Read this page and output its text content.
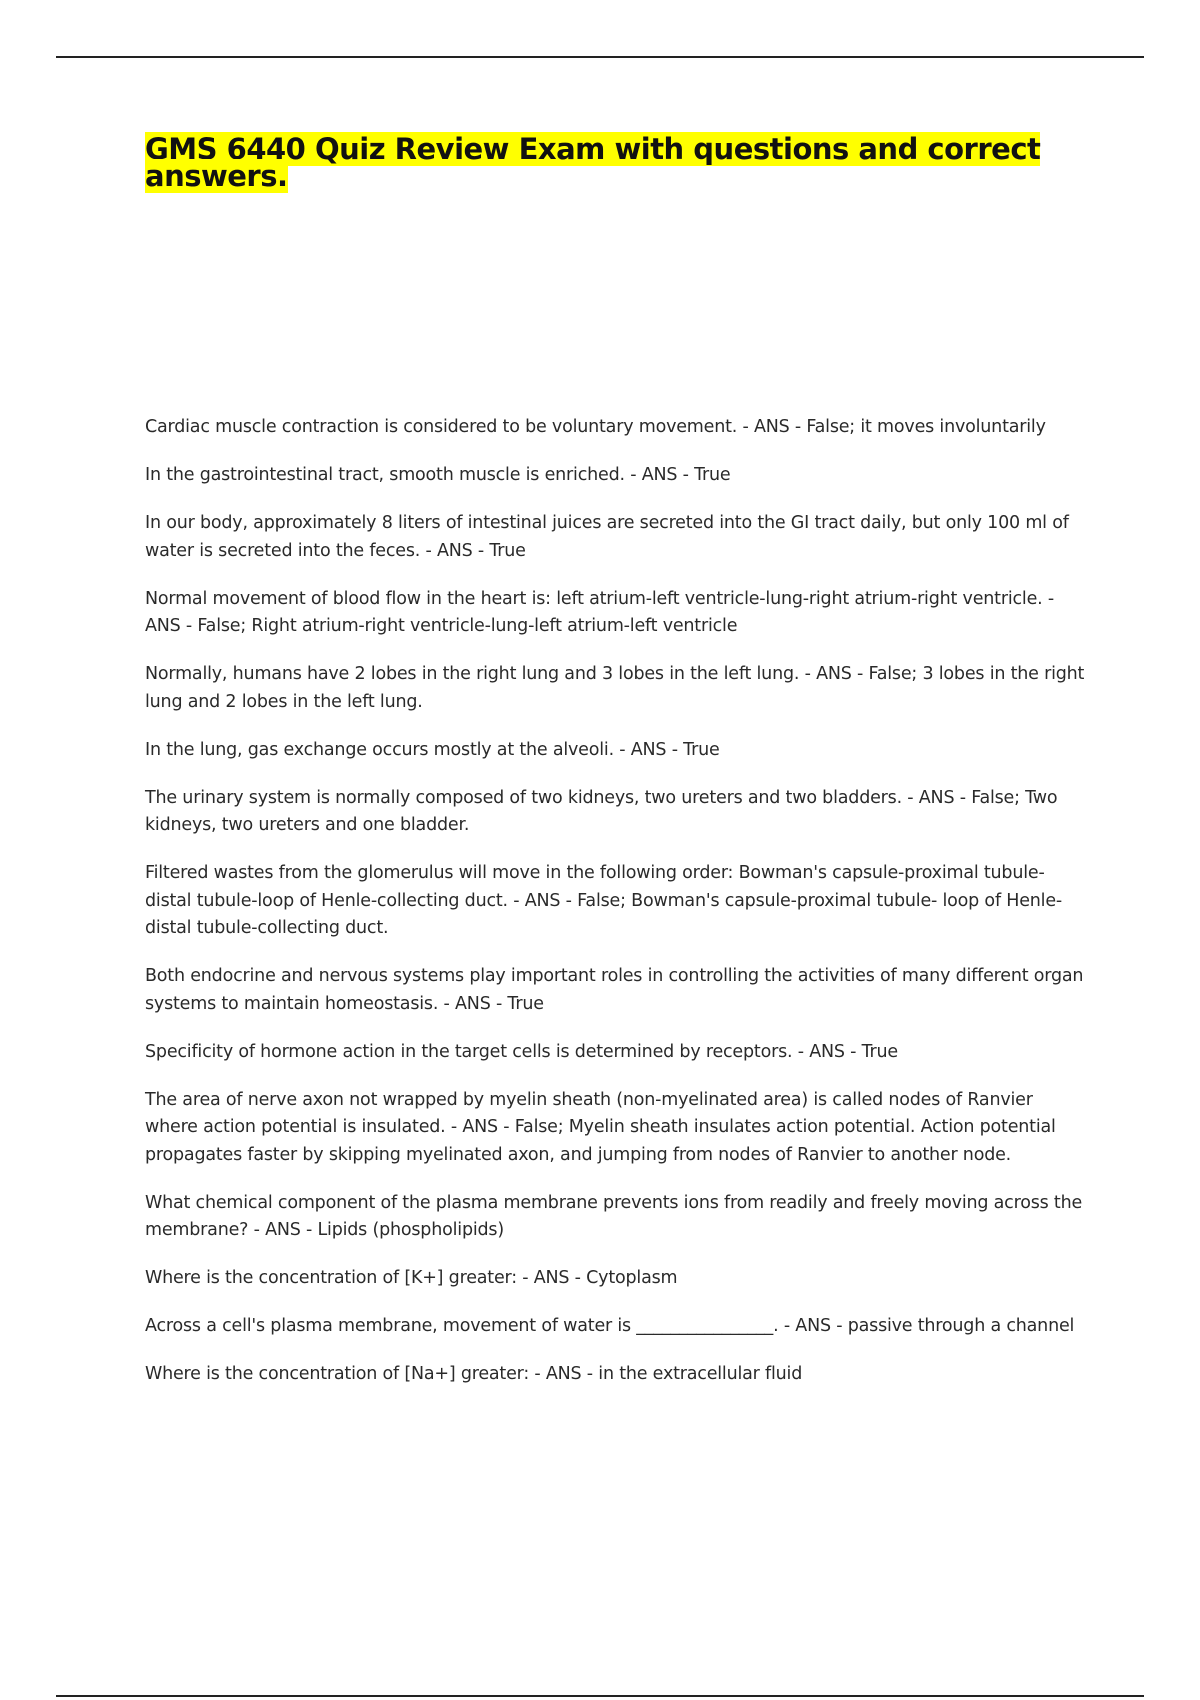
GMS 6440 Quiz Review Exam with questions and correct answers.
Cardiac muscle contraction is considered to be voluntary movement. - ANS - False; it moves involuntarily
In the gastrointestinal tract, smooth muscle is enriched. - ANS - True
In our body, approximately 8 liters of intestinal juices are secreted into the GI tract daily, but only 100 ml of water is secreted into the feces. - ANS - True
Normal movement of blood flow in the heart is: left atrium-left ventricle-lung-right atrium-right ventricle. - ANS - False; Right atrium-right ventricle-lung-left atrium-left ventricle
Normally, humans have 2 lobes in the right lung and 3 lobes in the left lung. - ANS - False; 3 lobes in the right lung and 2 lobes in the left lung.
In the lung, gas exchange occurs mostly at the alveoli. - ANS - True
The urinary system is normally composed of two kidneys, two ureters and two bladders. - ANS - False; Two kidneys, two ureters and one bladder.
Filtered wastes from the glomerulus will move in the following order: Bowman's capsule-proximal tubule-distal tubule-loop of Henle-collecting duct. - ANS - False; Bowman's capsule-proximal tubule- loop of Henle-distal tubule-collecting duct.
Both endocrine and nervous systems play important roles in controlling the activities of many different organ systems to maintain homeostasis. - ANS - True
Specificity of hormone action in the target cells is determined by receptors. - ANS - True
The area of nerve axon not wrapped by myelin sheath (non-myelinated area) is called nodes of Ranvier where action potential is insulated. - ANS - False; Myelin sheath insulates action potential. Action potential propagates faster by skipping myelinated axon, and jumping from nodes of Ranvier to another node.
What chemical component of the plasma membrane prevents ions from readily and freely moving across the membrane? - ANS - Lipids (phospholipids)
Where is the concentration of [K+] greater: - ANS - Cytoplasm
Across a cell's plasma membrane, movement of water is ________________. - ANS - passive through a channel
Where is the concentration of [Na+] greater: - ANS - in the extracellular fluid
